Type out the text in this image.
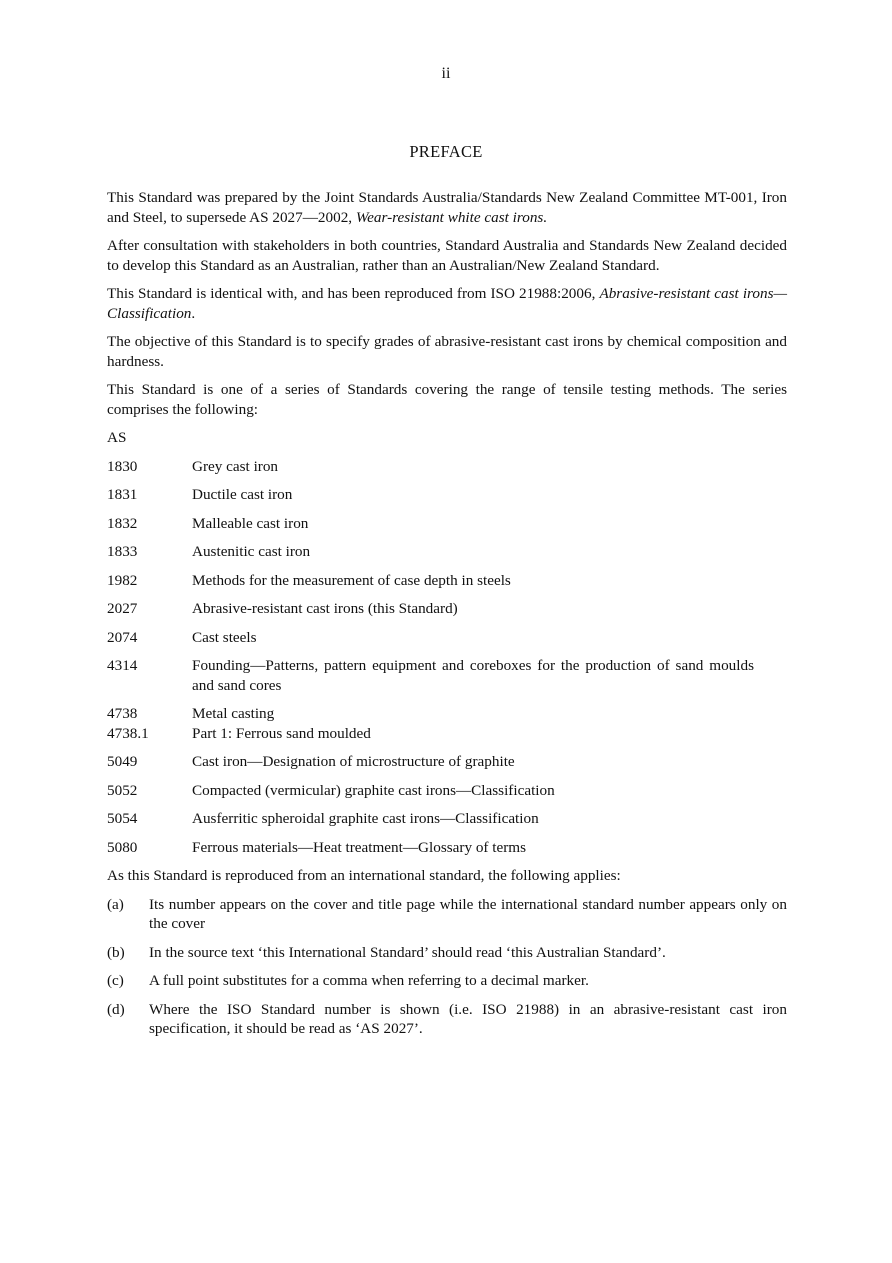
ii
PREFACE

This Standard was prepared by the Joint Standards Australia/Standards New Zealand Committee MT-001, Iron and Steel, to supersede AS 2027—2002, Wear-resistant white cast irons.

After consultation with stakeholders in both countries, Standard Australia and Standards New Zealand decided to develop this Standard as an Australian, rather than an Australian/New Zealand Standard.

This Standard is identical with, and has been reproduced from ISO 21988:2006, Abrasive-resistant cast irons—Classification.

The objective of this Standard is to specify grades of abrasive-resistant cast irons by chemical composition and hardness.

This Standard is one of a series of Standards covering the range of tensile testing methods. The series comprises the following:

AS
1830	Grey cast iron
1831	Ductile cast iron
1832	Malleable cast iron
1833	Austenitic cast iron
1982	Methods for the measurement of case depth in steels
2027	Abrasive-resistant cast irons (this Standard)
2074	Cast steels
4314	Founding—Patterns, pattern equipment and coreboxes for the production of sand moulds and sand cores
4738	Metal casting
4738.1	Part 1: Ferrous sand moulded
5049	Cast iron—Designation of microstructure of graphite
5052	Compacted (vermicular) graphite cast irons—Classification
5054	Ausferritic spheroidal graphite cast irons—Classification
5080	Ferrous materials—Heat treatment—Glossary of terms

As this Standard is reproduced from an international standard, the following applies:

(a)	Its number appears on the cover and title page while the international standard number appears only on the cover
(b)	In the source text ‘this International Standard’ should read ‘this Australian Standard’.
(c)	A full point substitutes for a comma when referring to a decimal marker.
(d)	Where the ISO Standard number is shown (i.e. ISO 21988) in an abrasive-resistant cast iron specification, it should be read as ‘AS 2027’.
